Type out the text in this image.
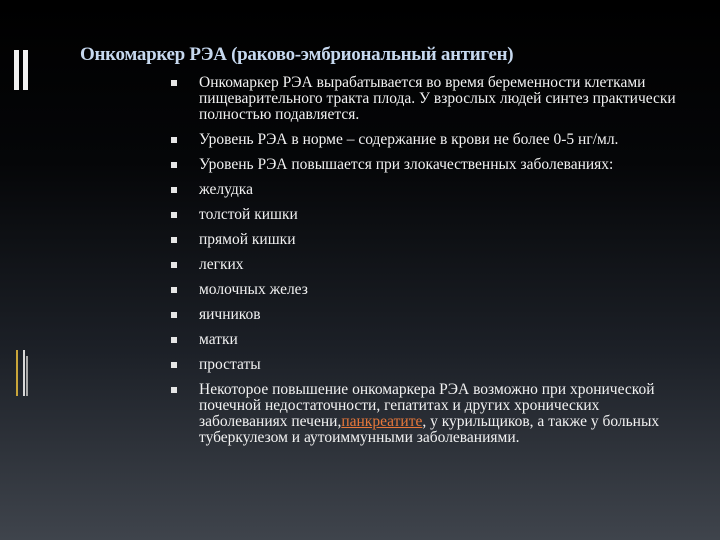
Онкомаркер РЭА (раково-эмбриональный антиген)
Онкомаркер РЭА вырабатывается во время беременности клетками пищеварительного тракта плода. У взрослых людей синтез практически полностью подавляется.
Уровень РЭА в норме – содержание в крови не более 0-5 нг/мл.
Уровень РЭА повышается при злокачественных заболеваниях:
желудка
толстой кишки
прямой кишки
легких
молочных желез
яичников
матки
простаты
Некоторое повышение онкомаркера РЭА возможно при хронической почечной недостаточности, гепатитах и других хронических заболеваниях печени,панкреатите, у курильщиков, а также у больных туберкулезом и аутоиммунными заболеваниями.
